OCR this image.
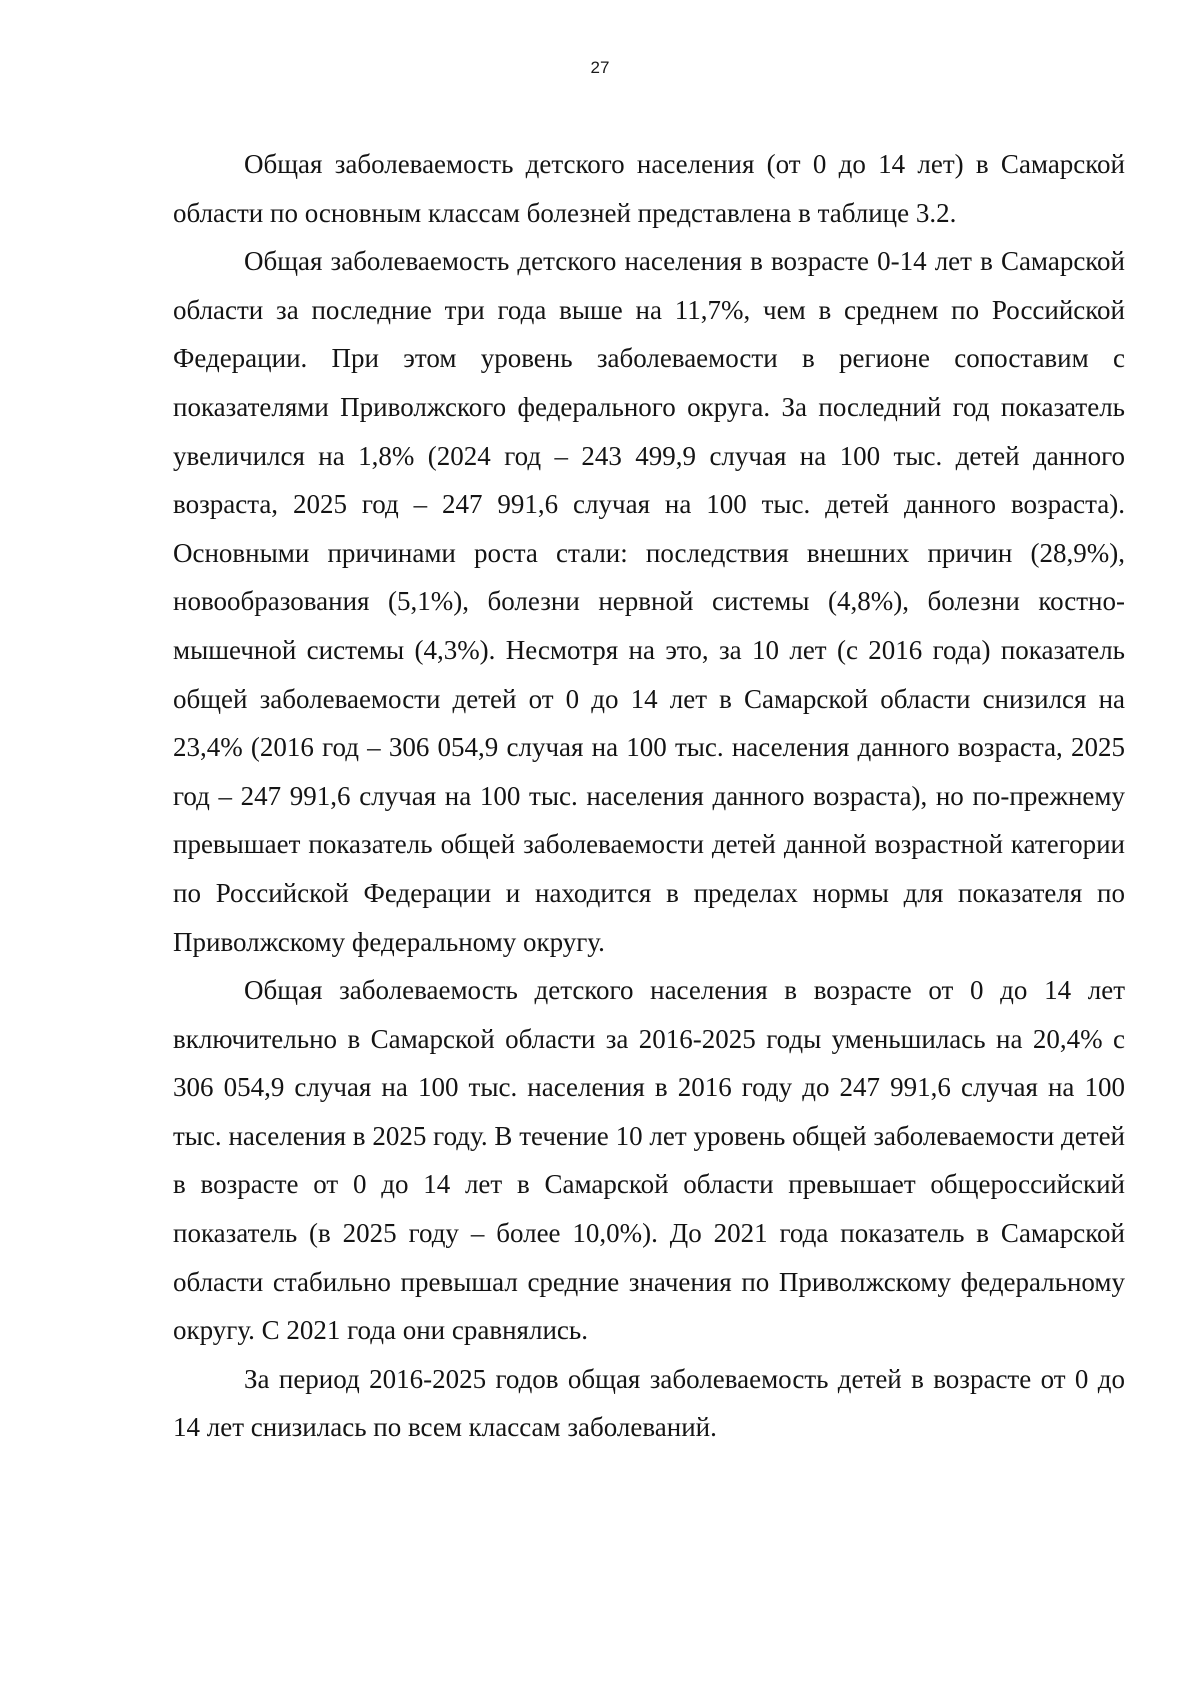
27

Общая заболеваемость детского населения (от 0 до 14 лет) в Самарской области по основным классам болезней представлена в таблице 3.2.

Общая заболеваемость детского населения в возрасте 0-14 лет в Самарской области за последние три года выше на 11,7%, чем в среднем по Российской Федерации. При этом уровень заболеваемости в регионе сопоставим с показателями Приволжского федерального округа. За последний год показатель увеличился на 1,8% (2024 год – 243 499,9 случая на 100 тыс. детей данного возраста, 2025 год – 247 991,6 случая на 100 тыс. детей данного возраста). Основными причинами роста стали: последствия внешних причин (28,9%), новообразования (5,1%), болезни нервной системы (4,8%), болезни костно-мышечной системы (4,3%). Несмотря на это, за 10 лет (с 2016 года) показатель общей заболеваемости детей от 0 до 14 лет в Самарской области снизился на 23,4% (2016 год – 306 054,9 случая на 100 тыс. населения данного возраста, 2025 год – 247 991,6 случая на 100 тыс. населения данного возраста), но по-прежнему превышает показатель общей заболеваемости детей данной возрастной категории по Российской Федерации и находится в пределах нормы для показателя по Приволжскому федеральному округу.

Общая заболеваемость детского населения в возрасте от 0 до 14 лет включительно в Самарской области за 2016-2025 годы уменьшилась на 20,4% с 306 054,9 случая на 100 тыс. населения в 2016 году до 247 991,6 случая на 100 тыс. населения в 2025 году. В течение 10 лет уровень общей заболеваемости детей в возрасте от 0 до 14 лет в Самарской области превышает общероссийский показатель (в 2025 году – более 10,0%). До 2021 года показатель в Самарской области стабильно превышал средние значения по Приволжскому федеральному округу. С 2021 года они сравнялись.

За период 2016-2025 годов общая заболеваемость детей в возрасте от 0 до 14 лет снизилась по всем классам заболеваний.
